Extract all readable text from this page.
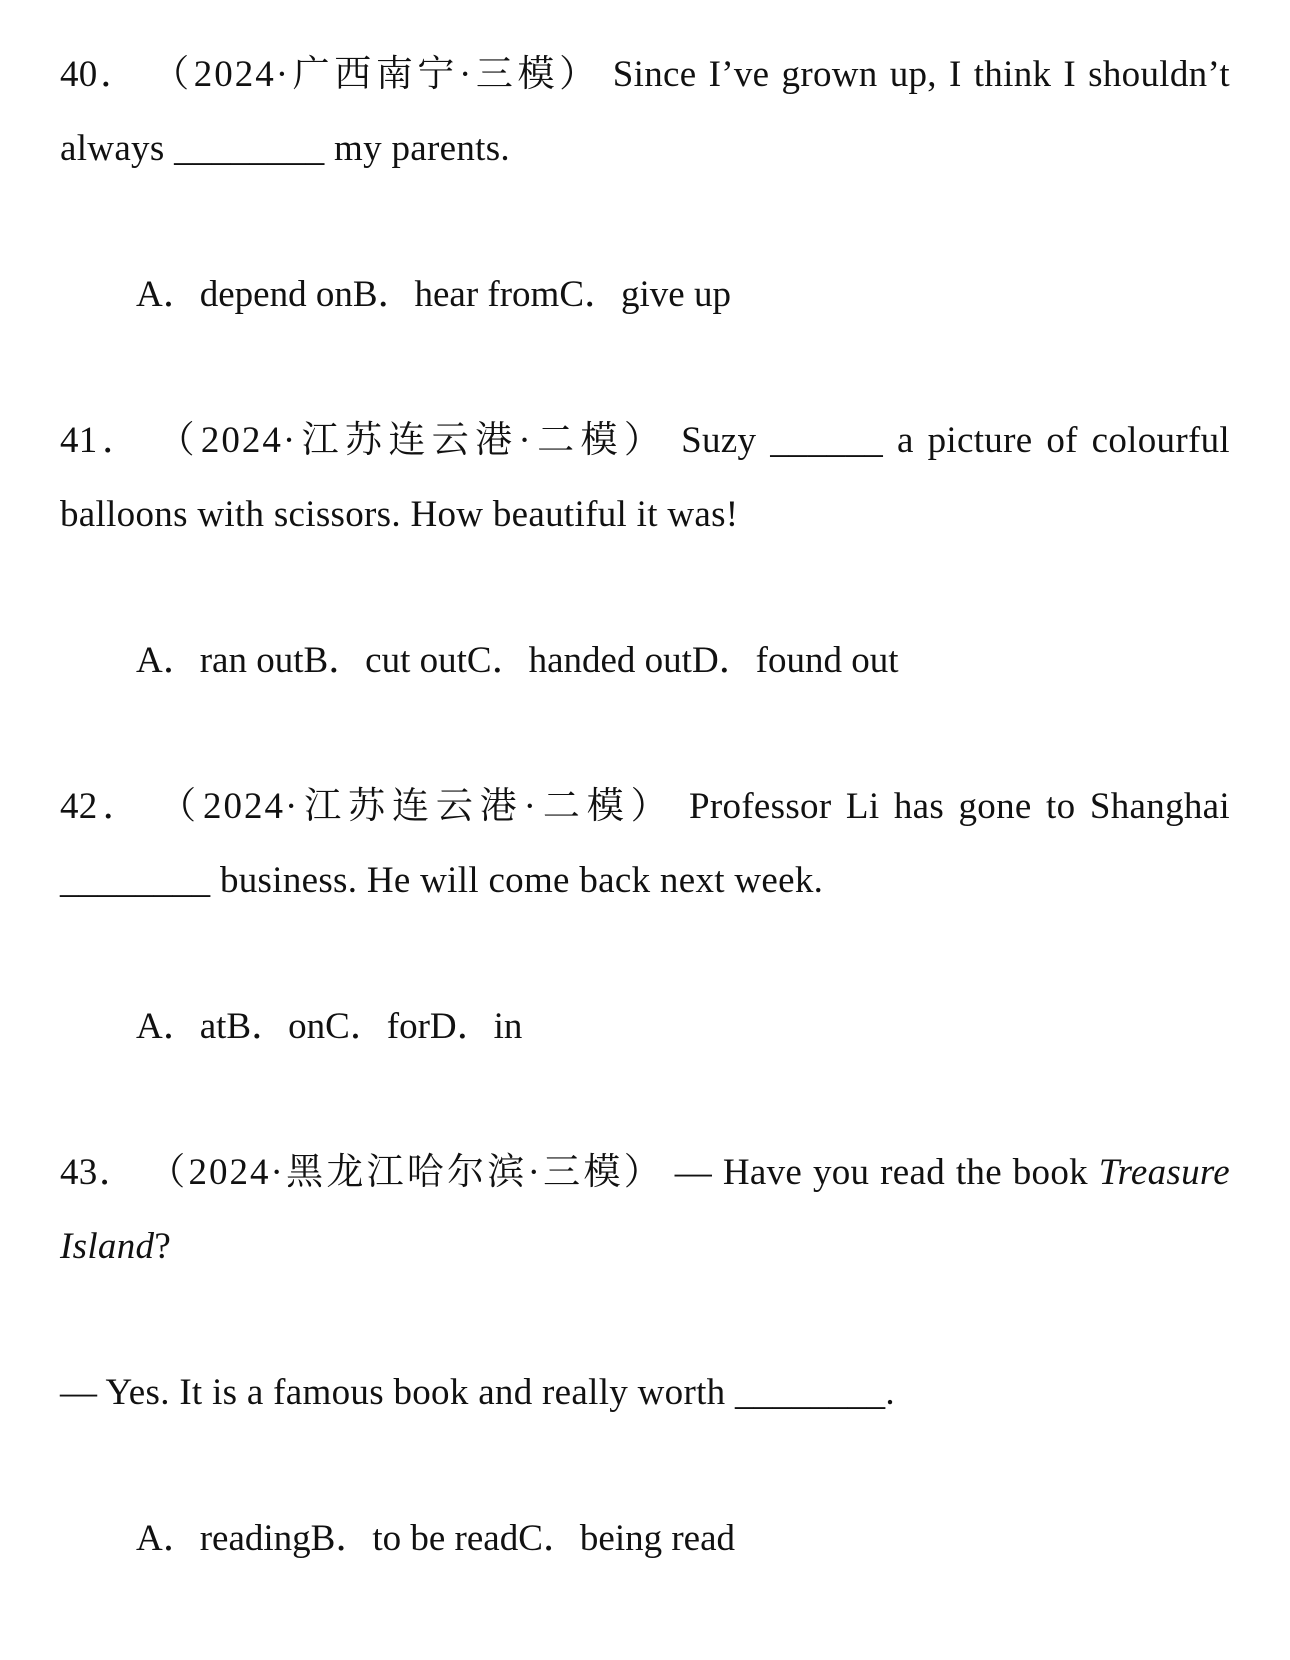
40． （2024·广西南宁·三模） Since I’ve grown up, I think I shouldn’t always ________ my parents.

A．depend onB．hear fromC．give up

41． （2024·江苏连云港·二模） Suzy ______ a picture of colourful balloons with scissors. How beautiful it was!

A．ran outB．cut outC．handed outD．found out

42． （2024·江苏连云港·二模） Professor Li has gone to Shanghai ________ business. He will come back next week.

A．atB．onC．forD．in

43． （2024·黑龙江哈尔滨·三模） — Have you read the book Treasure Island?

— Yes. It is a famous book and really worth ________.

A．readingB．to be readC．being read
